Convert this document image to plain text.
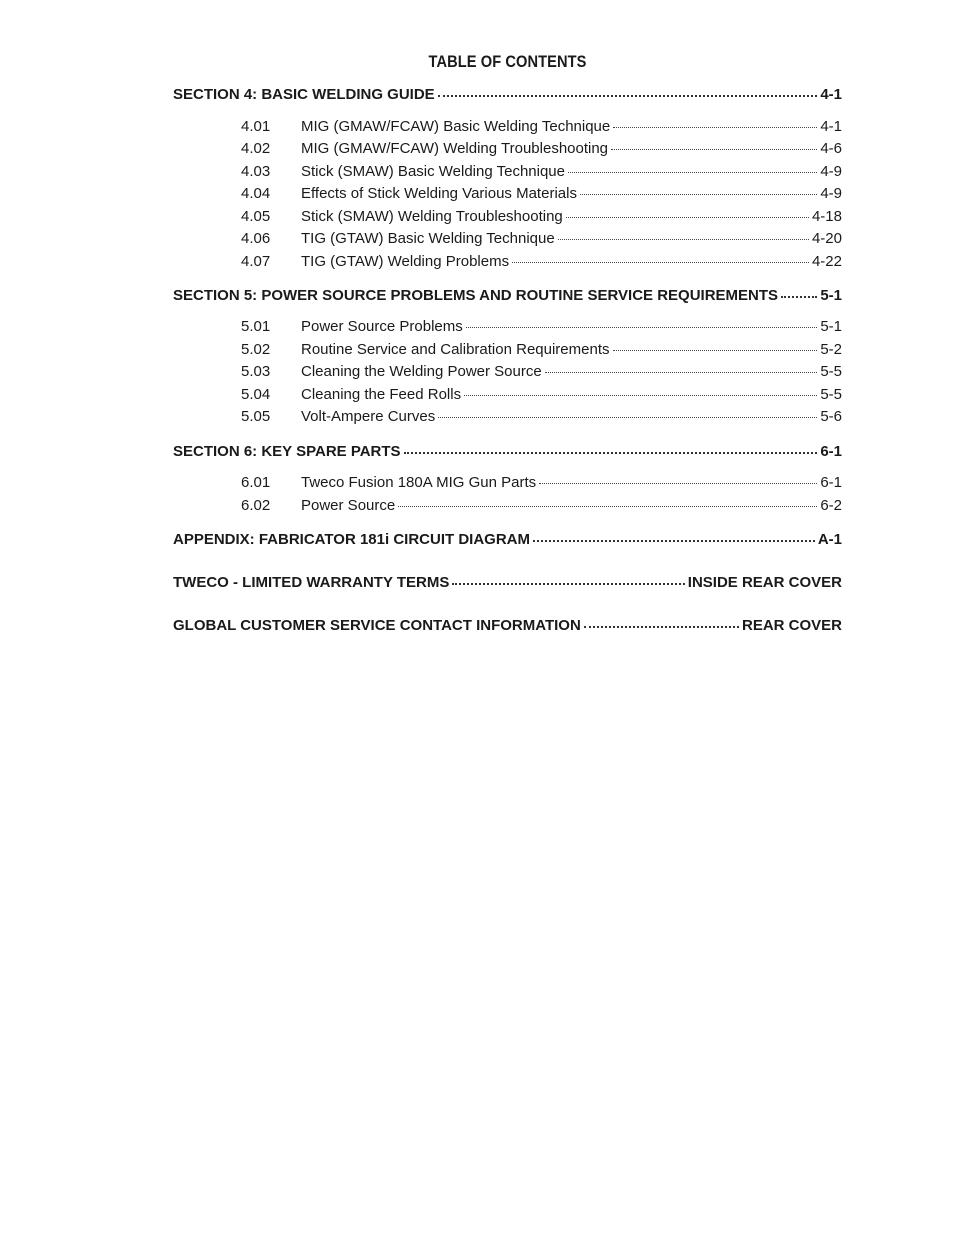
TABLE OF CONTENTS
SECTION 4: BASIC WELDING GUIDE	4-1
4.01	MIG (GMAW/FCAW) Basic Welding Technique	4-1
4.02	MIG (GMAW/FCAW) Welding Troubleshooting	4-6
4.03	Stick (SMAW) Basic Welding Technique	4-9
4.04	Effects of Stick Welding Various Materials	4-9
4.05	Stick (SMAW) Welding Troubleshooting	4-18
4.06	TIG (GTAW) Basic Welding Technique	4-20
4.07	TIG (GTAW) Welding Problems	4-22
SECTION 5: POWER SOURCE PROBLEMS AND ROUTINE SERVICE REQUIREMENTS	5-1
5.01	Power Source Problems	5-1
5.02	Routine Service and Calibration Requirements	5-2
5.03	Cleaning the Welding Power Source	5-5
5.04	Cleaning the Feed Rolls	5-5
5.05	Volt-Ampere Curves	5-6
SECTION 6: KEY SPARE PARTS	6-1
6.01	Tweco Fusion 180A MIG Gun Parts	6-1
6.02	Power Source	6-2
APPENDIX: FABRICATOR 181i CIRCUIT DIAGRAM	A-1
TWECO - LIMITED WARRANTY TERMS	INSIDE REAR COVER
GLOBAL CUSTOMER SERVICE CONTACT INFORMATION	REAR COVER
